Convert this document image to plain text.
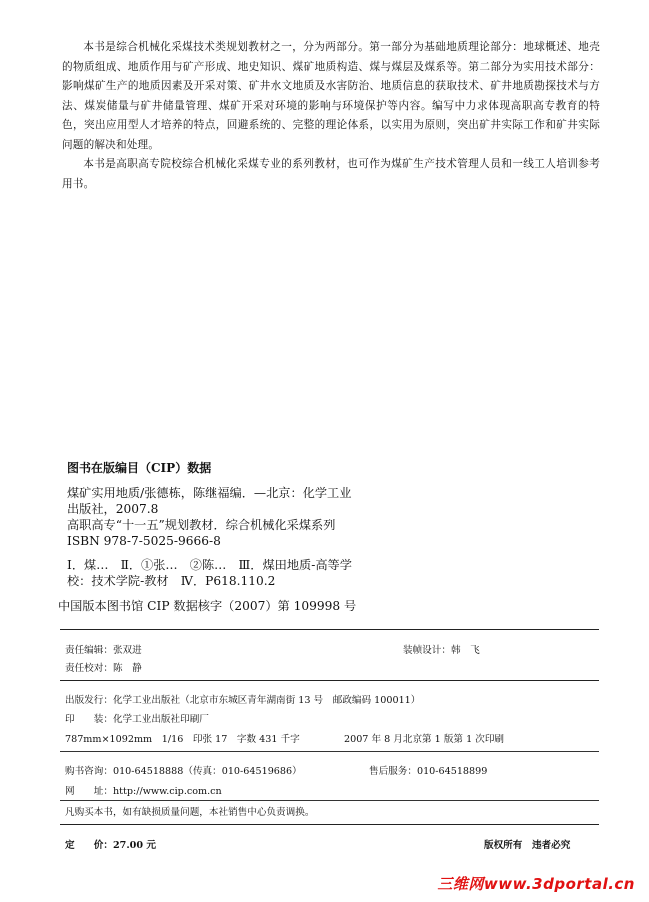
本书是综合机械化采煤技术类规划教材之一，分为两部分。第一部分为基础地质理论部分：地球概述、地壳的物质组成、地质作用与矿产形成、地史知识、煤矿地质构造、煤与煤层及煤系等。第二部分为实用技术部分：影响煤矿生产的地质因素及开采对策、矿井水文地质及水害防治、地质信息的获取技术、矿井地质勘探技术与方法、煤炭储量与矿井储量管理、煤矿开采对环境的影响与环境保护等内容。编写中力求体现高职高专教育的特色，突出应用型人才培养的特点，回避系统的、完整的理论体系，以实用为原则，突出矿井实际工作和矿井实际问题的解决和处理。

本书是高职高专院校综合机械化采煤专业的系列教材，也可作为煤矿生产技术管理人员和一线工人培训参考用书。

图书在版编目（CIP）数据
煤矿实用地质/张德栋，陈继福编．—北京：化学工业
出版社，2007.8
高职高专“十一五”规划教材．综合机械化采煤系列
ISBN 978-7-5025-9666-8
Ⅰ．煤…　Ⅱ．①张…　②陈…　Ⅲ．煤田地质-高等学
校：技术学院-教材　Ⅳ．P618.110.2
中国版本图书馆 CIP 数据核字（2007）第 109998 号
责任编辑：张双进	装帧设计：韩　飞
责任校对：陈　静
出版发行：化学工业出版社（北京市东城区青年湖南街 13 号　邮政编码 100011）
印　　装：化学工业出版社印刷厂
787mm×1092mm　1/16　印张 17　字数 431 千字	2007 年 8 月北京第 1 版第 1 次印刷
购书咨询：010-64518888（传真：010-64519686）	售后服务：010-64518899
网　　址：http://www.cip.com.cn
凡购买本书，如有缺损质量问题，本社销售中心负责调换。
定　　价：27.00 元	版权所有　违者必究
三维网www.3dportal.cn
